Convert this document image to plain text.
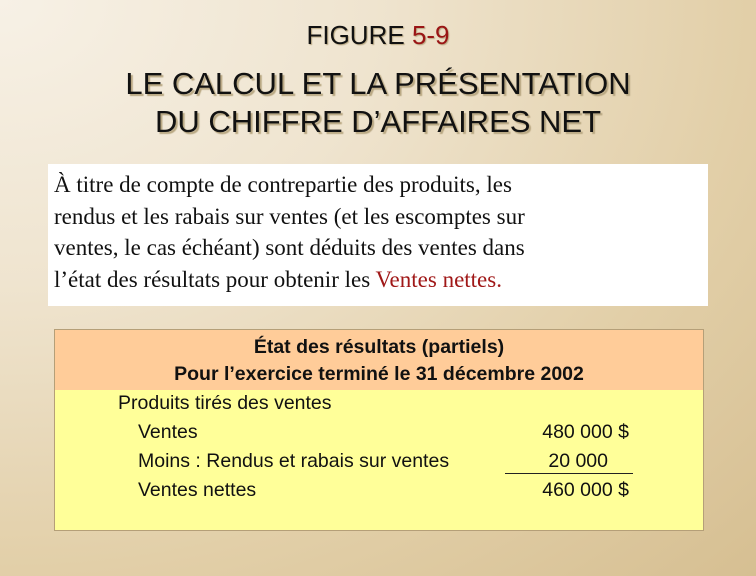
FIGURE 5-9
LE CALCUL ET LA PRÉSENTATION
DU CHIFFRE D’AFFAIRES NET
À titre de compte de contrepartie des produits, les
rendus et les rabais sur ventes (et les escomptes sur
ventes, le cas échéant) sont déduits des ventes dans
l’état des résultats pour obtenir les Ventes nettes.
État des résultats (partiels)
Pour l’exercice terminé le 31 décembre 2002
Produits tirés des ventes
Ventes	480 000 $
Moins : Rendus et rabais sur ventes	20 000
Ventes nettes	460 000 $
